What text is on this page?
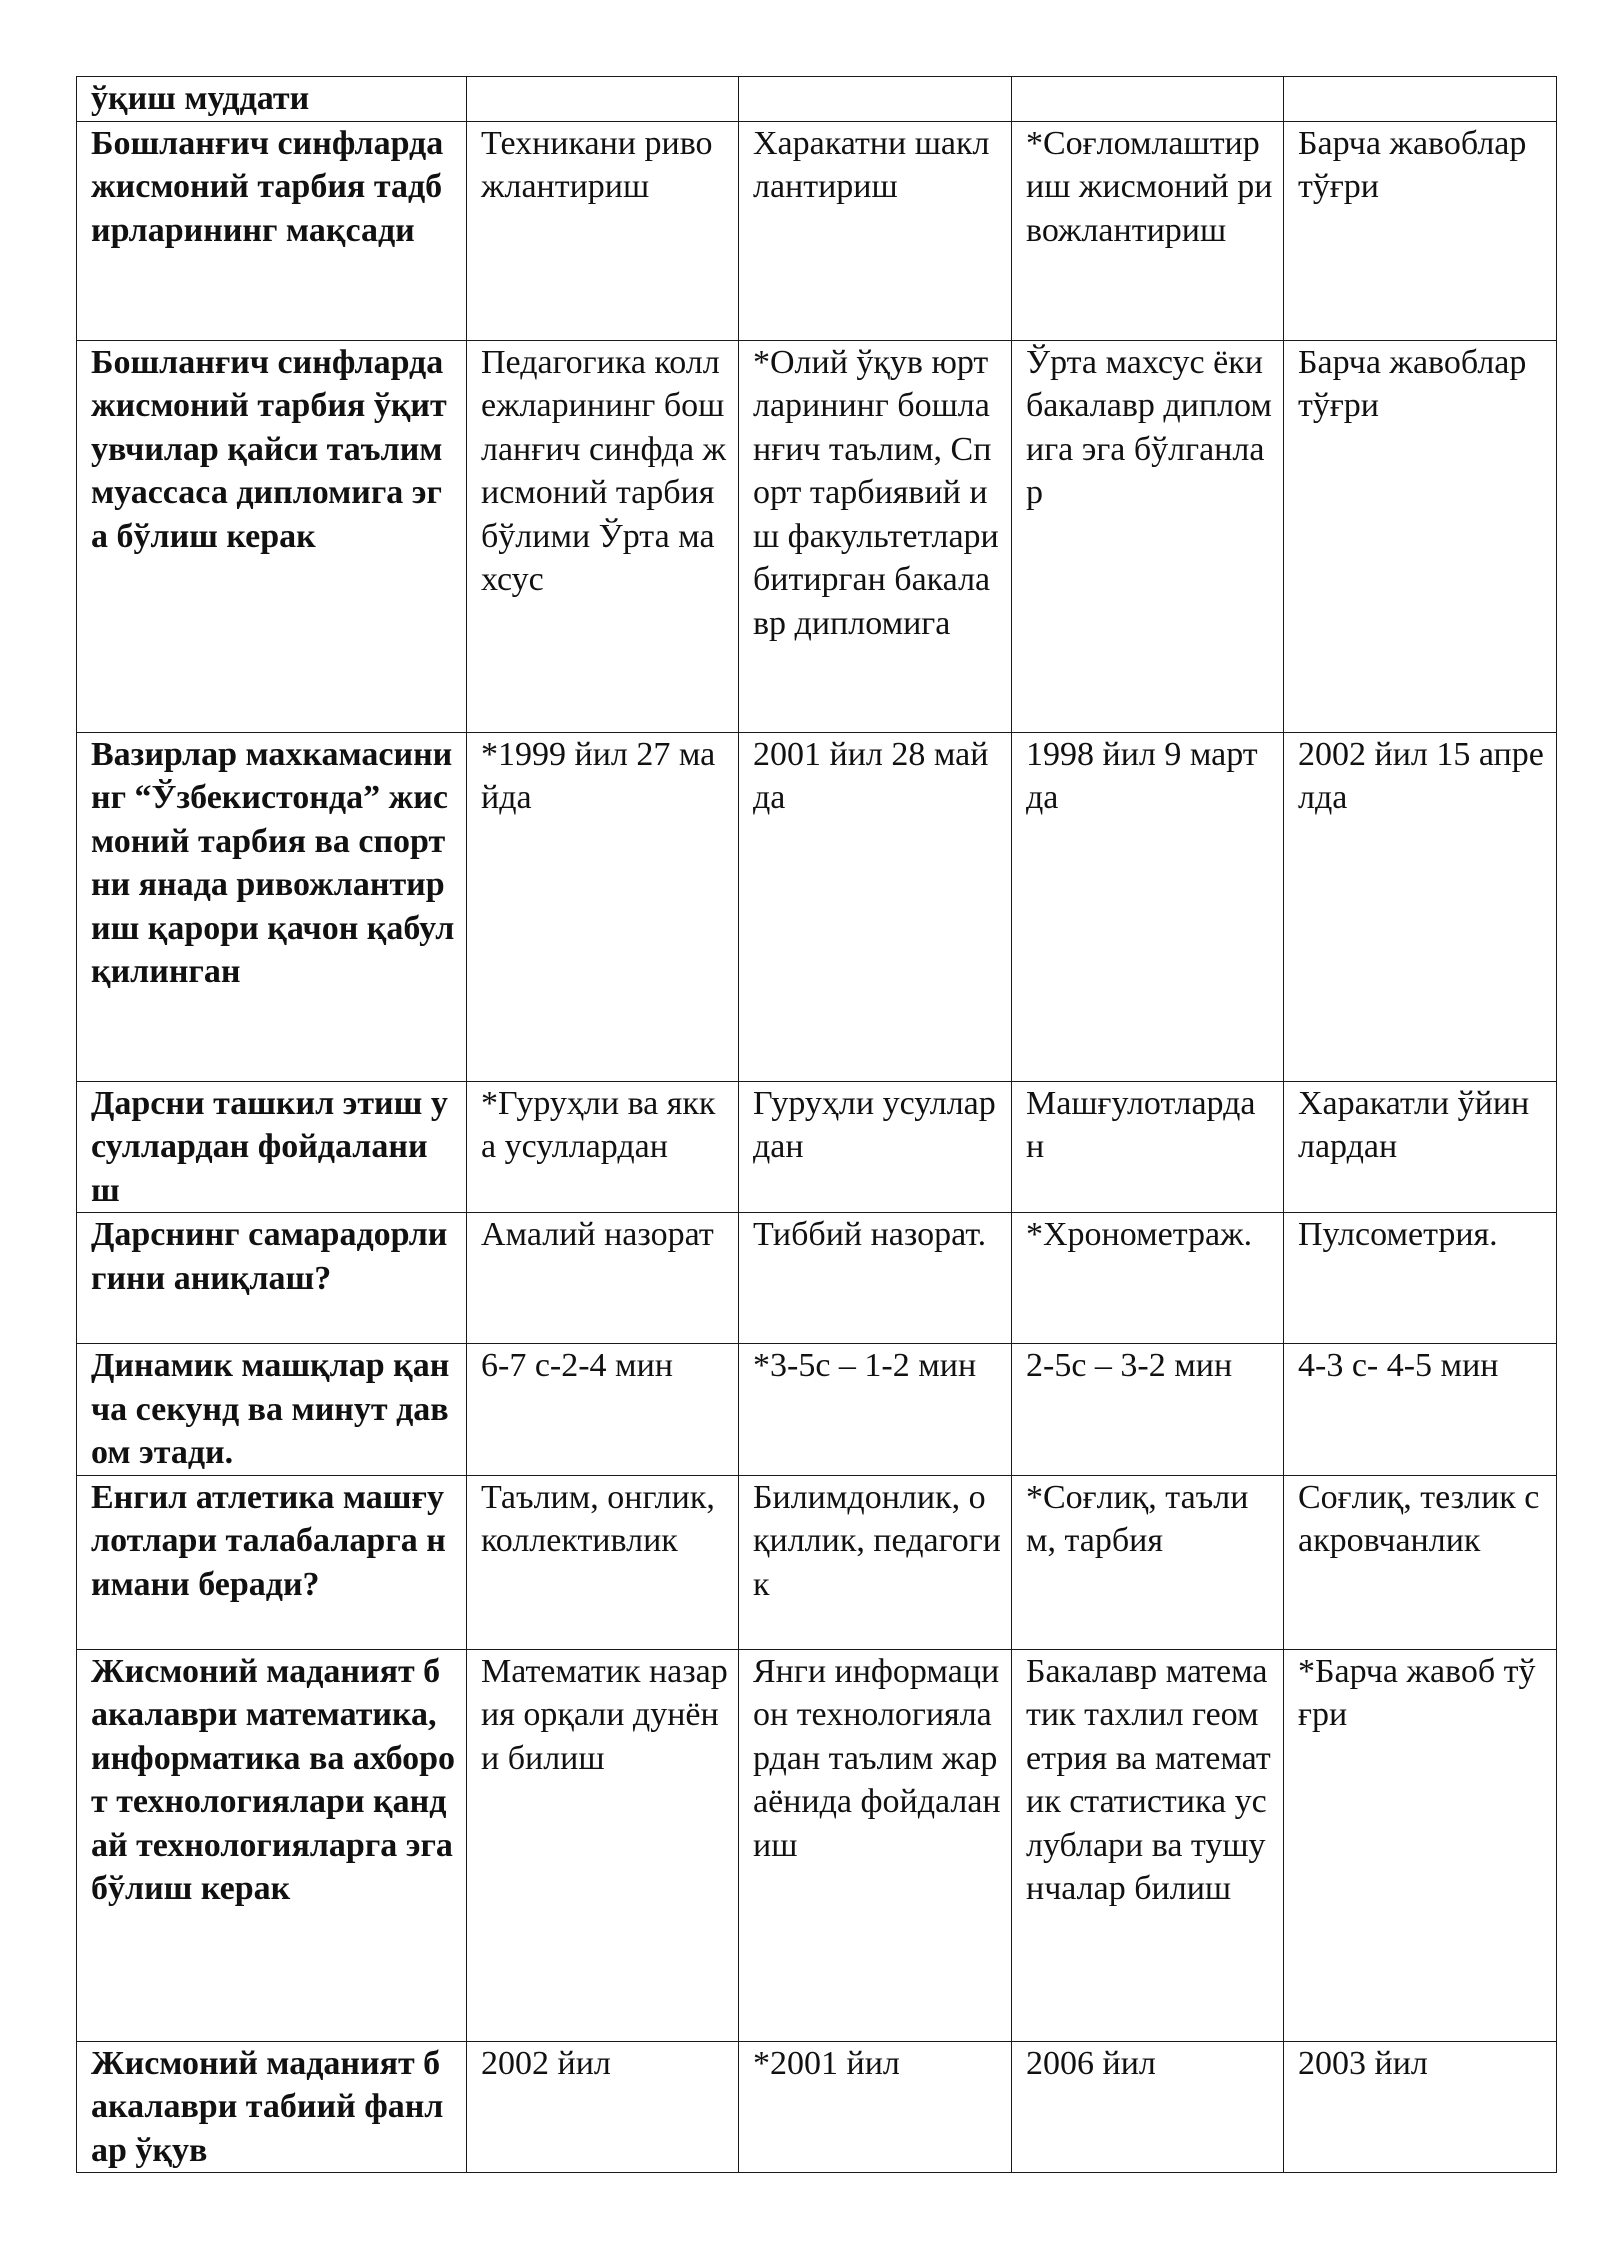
ўқиш муддати				
Бошланғич синфларда жисмоний тарбия тадбирларининг мақсади	Техникани ривожлантириш	Харакатни шакллантириш	*Соғломлаштириш жисмоний ривожлантириш	Барча жавоблар тўғри
Бошланғич синфларда жисмоний тарбия ўқитувчилар қайси таълим муассаса дипломига эга бўлиш керак	Педагогика коллежларининг бошланғич синфда жисмоний тарбия бўлими Ўрта махсус	*Олий ўқув юртларининг бошланғич таълим, Спорт тарбиявий иш факультетлари битирган бакалавр дипломига	Ўрта махсус ёки бакалавр дипломига эга бўлганлар	Барча жавоблар тўғри
Вазирлар махкамасининг “Ўзбекистонда” жисмоний тарбия ва спортни янада ривожлантириш қарори қачон қабул қилинган	*1999 йил 27 майда	2001 йил 28 майда	1998 йил 9 мартда	2002 йил 15 апрелда
Дарсни ташкил этиш усуллардан фойдаланиш	*Гуруҳли ва якка усуллардан	Гуруҳли усуллардан	Машғулотлардан	Харакатли ўйинлардан
Дарснинг самарадорлигини аниқлаш?	Амалий назорат	Тиббий назорат.	*Хронометраж.	Пулсометрия.
Динамик машқлар қанча секунд ва минут давом этади.	6-7 с-2-4 мин	*3-5с – 1-2 мин	2-5с – 3-2 мин	4-3 с- 4-5 мин
Енгил атлетика машғулотлари талабаларга нимани беради?	Таълим, онглик, коллективлик	Билимдонлик, оқиллик, педагогик	*Соғлиқ, таълим, тарбия	Соғлиқ, тезлик сакровчанлик
Жисмоний маданият бакалаври математика, информатика ва ахборот технологиялари қандай технологияларга эга бўлиш керак	Математик назария орқали дунёни билиш	Янги информацион технологиялардан таълим жараёнида фойдаланиш	Бакалавр математик тахлил геометрия ва математик статистика услублари ва тушунчалар билиш	*Барча жавоб тўғри
Жисмоний маданият бакалаври табиий фанлар ўқув	2002 йил	*2001 йил	2006 йил	2003 йил
